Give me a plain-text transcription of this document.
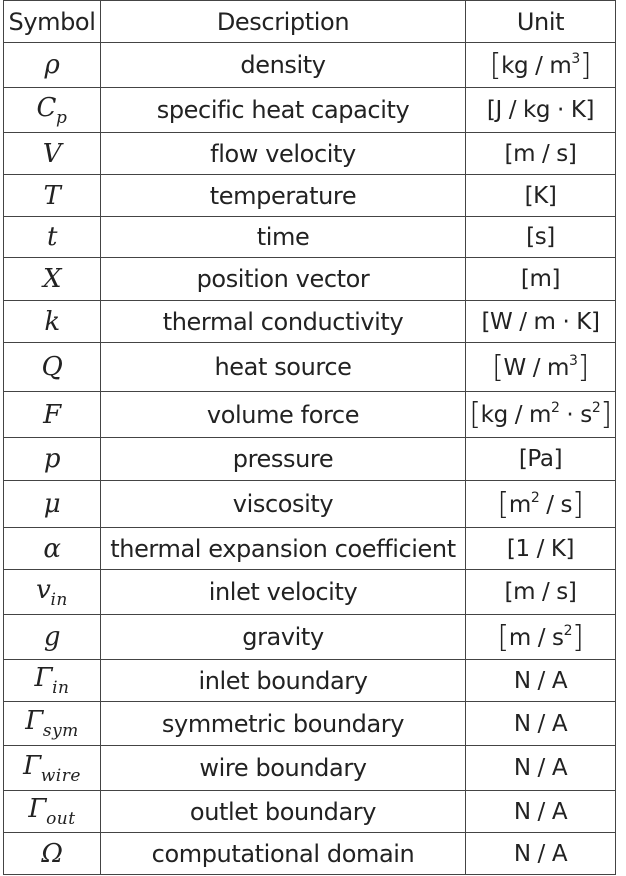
Symbol	Description	Unit
ρ	density	$[kg / m^3]$
$C_p$	specific heat capacity	[J / kg · K]
V	flow velocity	[m / s]
T	temperature	[K]
t	time	[s]
X	position vector	[m]
k	thermal conductivity	[W / m · K]
Q	heat source	$[W / m^3]$
F	volume force	$[kg / m^2 \cdot s^2]$
p	pressure	[Pa]
μ	viscosity	$[m^2 / s]$
α	thermal expansion coefficient	[1 / K]
$v_{in}$	inlet velocity	[m / s]
g	gravity	$[m / s^2]$
$\Gamma_{in}$	inlet boundary	N / A
$\Gamma_{sym}$	symmetric boundary	N / A
$\Gamma_{wire}$	wire boundary	N / A
$\Gamma_{out}$	outlet boundary	N / A
Ω	computational domain	N / A
